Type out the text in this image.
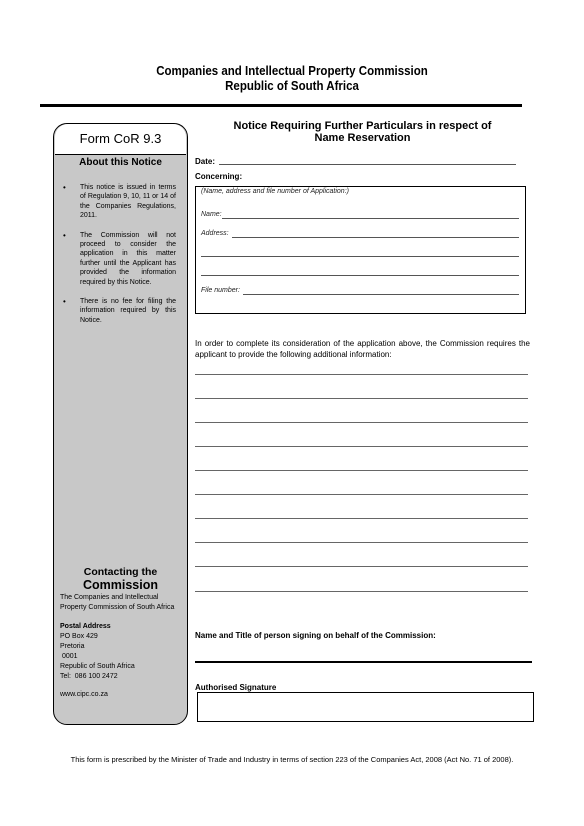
Companies and Intellectual Property Commission
Republic of South Africa
Form CoR 9.3
About this Notice
• This notice is issued in terms of Regulation 9, 10, 11 or 14 of the Companies Regulations, 2011.
• The Commission will not proceed to consider the application in this matter further until the Applicant has provided the information required by this Notice.
• There is no fee for filing the information required by this Notice.
Contacting the
Commission
The Companies and Intellectual
Property Commission of South Africa
Postal Address
PO Box 429
Pretoria
0001
Republic of South Africa
Tel:  086 100 2472
www.cipc.co.za
Notice Requiring Further Particulars in respect of
Name Reservation
Date:
Concerning:
(Name, address and file number of Application:)
Name:
Address:
File number:
In order to complete its consideration of the application above, the Commission requires the applicant to provide the following additional information:
Name and Title of person signing on behalf of the Commission:
Authorised Signature
This form is prescribed by the Minister of Trade and Industry in terms of section 223 of the Companies Act, 2008 (Act No. 71 of 2008).
